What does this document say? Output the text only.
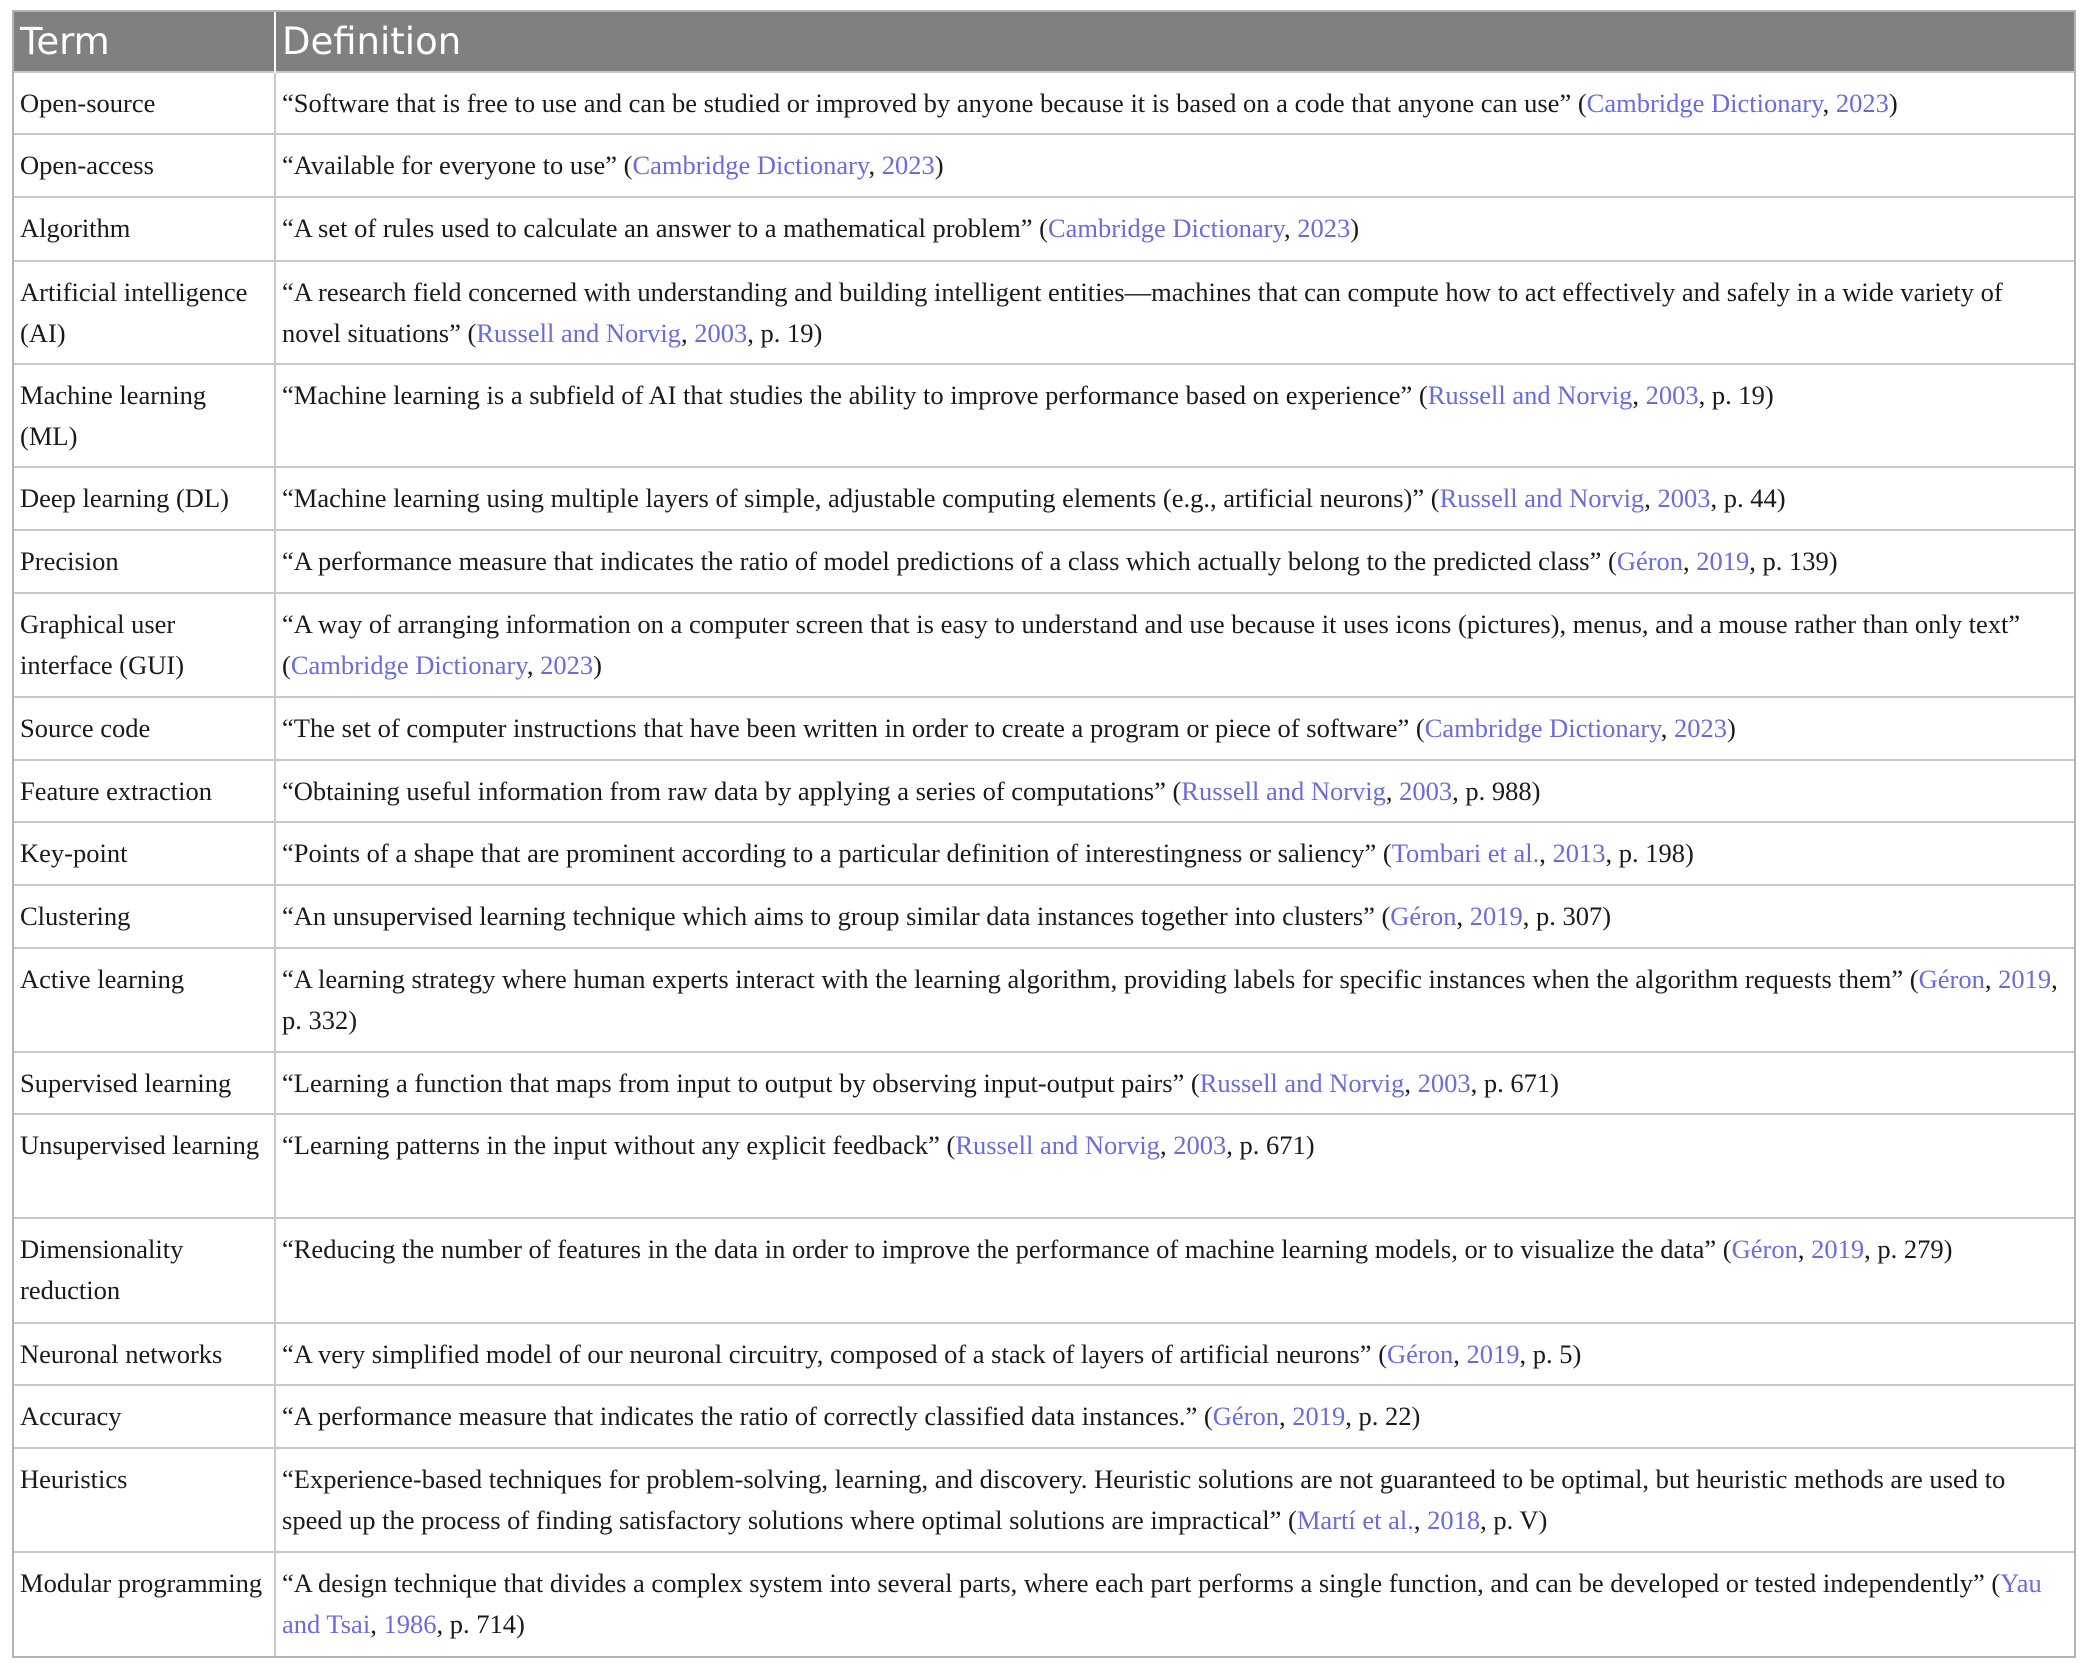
Term	Definition
Open-source	“Software that is free to use and can be studied or improved by anyone because it is based on a code that anyone can use” (Cambridge Dictionary, 2023)
Open-access	“Available for everyone to use” (Cambridge Dictionary, 2023)
Algorithm	“A set of rules used to calculate an answer to a mathematical problem” (Cambridge Dictionary, 2023)
Artificial intelligence (AI)	“A research field concerned with understanding and building intelligent entities—machines that can compute how to act effectively and safely in a wide variety of novel situations” (Russell and Norvig, 2003, p. 19)
Machine learning (ML)	“Machine learning is a subfield of AI that studies the ability to improve performance based on experience” (Russell and Norvig, 2003, p. 19)
Deep learning (DL)	“Machine learning using multiple layers of simple, adjustable computing elements (e.g., artificial neurons)” (Russell and Norvig, 2003, p. 44)
Precision	“A performance measure that indicates the ratio of model predictions of a class which actually belong to the predicted class” (Géron, 2019, p. 139)
Graphical user interface (GUI)	“A way of arranging information on a computer screen that is easy to understand and use because it uses icons (pictures), menus, and a mouse rather than only text” (Cambridge Dictionary, 2023)
Source code	“The set of computer instructions that have been written in order to create a program or piece of software” (Cambridge Dictionary, 2023)
Feature extraction	“Obtaining useful information from raw data by applying a series of computations” (Russell and Norvig, 2003, p. 988)
Key-point	“Points of a shape that are prominent according to a particular definition of interestingness or saliency” (Tombari et al., 2013, p. 198)
Clustering	“An unsupervised learning technique which aims to group similar data instances together into clusters” (Géron, 2019, p. 307)
Active learning	“A learning strategy where human experts interact with the learning algorithm, providing labels for specific instances when the algorithm requests them” (Géron, 2019, p. 332)
Supervised learning	“Learning a function that maps from input to output by observing input-output pairs” (Russell and Norvig, 2003, p. 671)
Unsupervised learning	“Learning patterns in the input without any explicit feedback” (Russell and Norvig, 2003, p. 671)
Dimensionality reduction	“Reducing the number of features in the data in order to improve the performance of machine learning models, or to visualize the data” (Géron, 2019, p. 279)
Neuronal networks	“A very simplified model of our neuronal circuitry, composed of a stack of layers of artificial neurons” (Géron, 2019, p. 5)
Accuracy	“A performance measure that indicates the ratio of correctly classified data instances.” (Géron, 2019, p. 22)
Heuristics	“Experience-based techniques for problem-solving, learning, and discovery. Heuristic solutions are not guaranteed to be optimal, but heuristic methods are used to speed up the process of finding satisfactory solutions where optimal solutions are impractical” (Martí et al., 2018, p. V)
Modular programming	“A design technique that divides a complex system into several parts, where each part performs a single function, and can be developed or tested independently” (Yau and Tsai, 1986, p. 714)
